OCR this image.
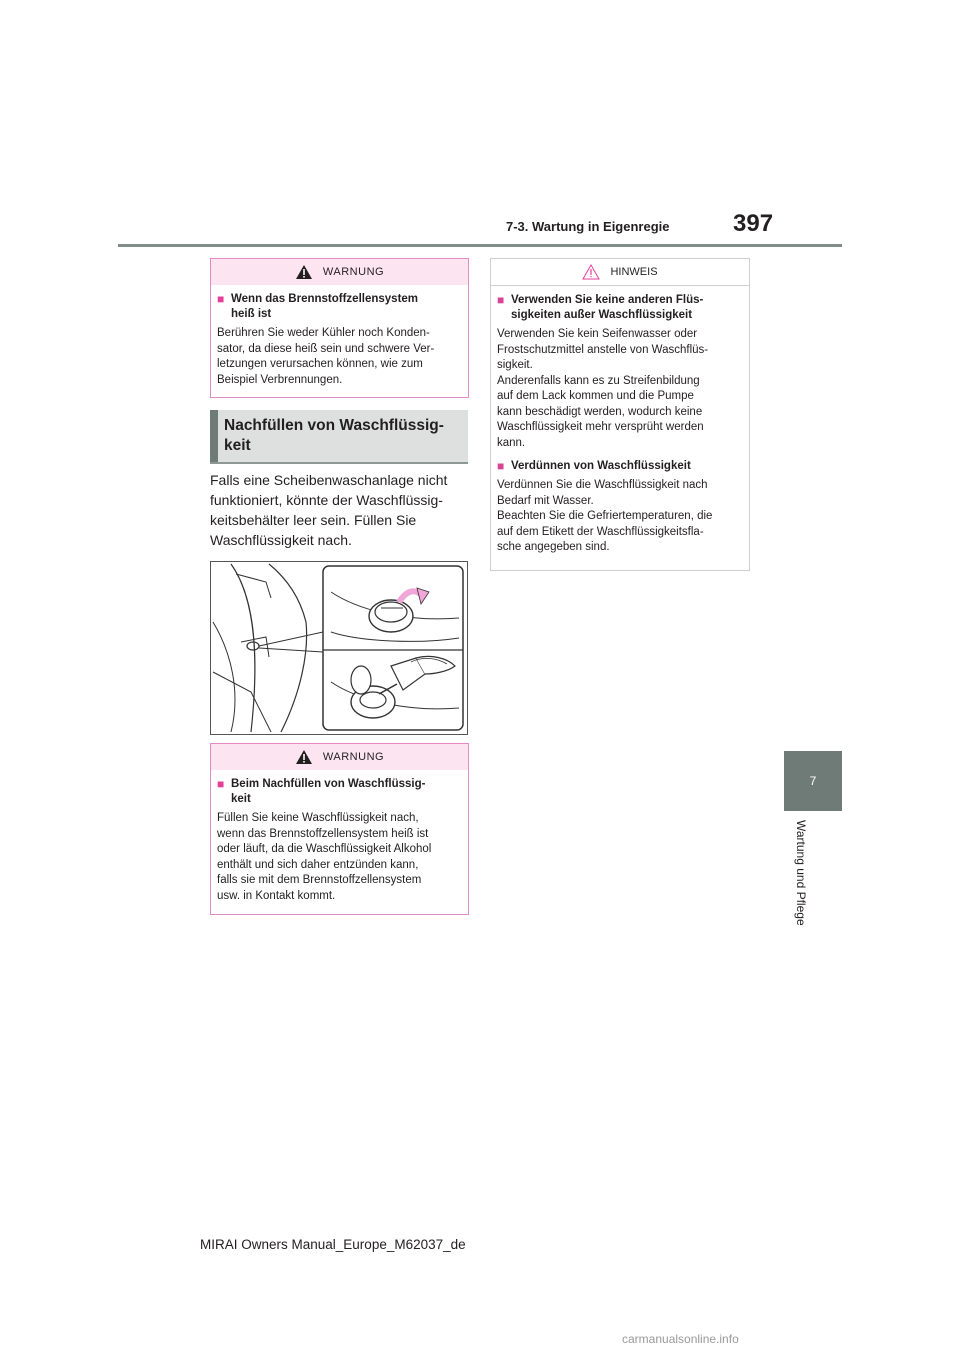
7-3. Wartung in Eigenregie	397
7
Wartung und Pflege
WARNUNG
■ Wenn das Brennstoffzellensystem
heiß ist
Berühren Sie weder Kühler noch Konden-
sator, da diese heiß sein und schwere Ver-
letzungen verursachen können, wie zum
Beispiel Verbrennungen.
Nachfüllen von Waschflüssig-
keit
Falls eine Scheibenwaschanlage nicht
funktioniert, könnte der Waschflüssig-
keitsbehälter leer sein. Füllen Sie
Waschflüssigkeit nach.
WARNUNG
■ Beim Nachfüllen von Waschflüssig-
keit
Füllen Sie keine Waschflüssigkeit nach,
wenn das Brennstoffzellensystem heiß ist
oder läuft, da die Waschflüssigkeit Alkohol
enthält und sich daher entzünden kann,
falls sie mit dem Brennstoffzellensystem
usw. in Kontakt kommt.
HINWEIS
■ Verwenden Sie keine anderen Flüs-
sigkeiten außer Waschflüssigkeit
Verwenden Sie kein Seifenwasser oder
Frostschutzmittel anstelle von Waschflüs-
sigkeit.
Anderenfalls kann es zu Streifenbildung
auf dem Lack kommen und die Pumpe
kann beschädigt werden, wodurch keine
Waschflüssigkeit mehr versprüht werden
kann.
■ Verdünnen von Waschflüssigkeit
Verdünnen Sie die Waschflüssigkeit nach
Bedarf mit Wasser.
Beachten Sie die Gefriertemperaturen, die
auf dem Etikett der Waschflüssigkeitsfla-
sche angegeben sind.
MIRAI Owners Manual_Europe_M62037_de
carmanualsonline.info
